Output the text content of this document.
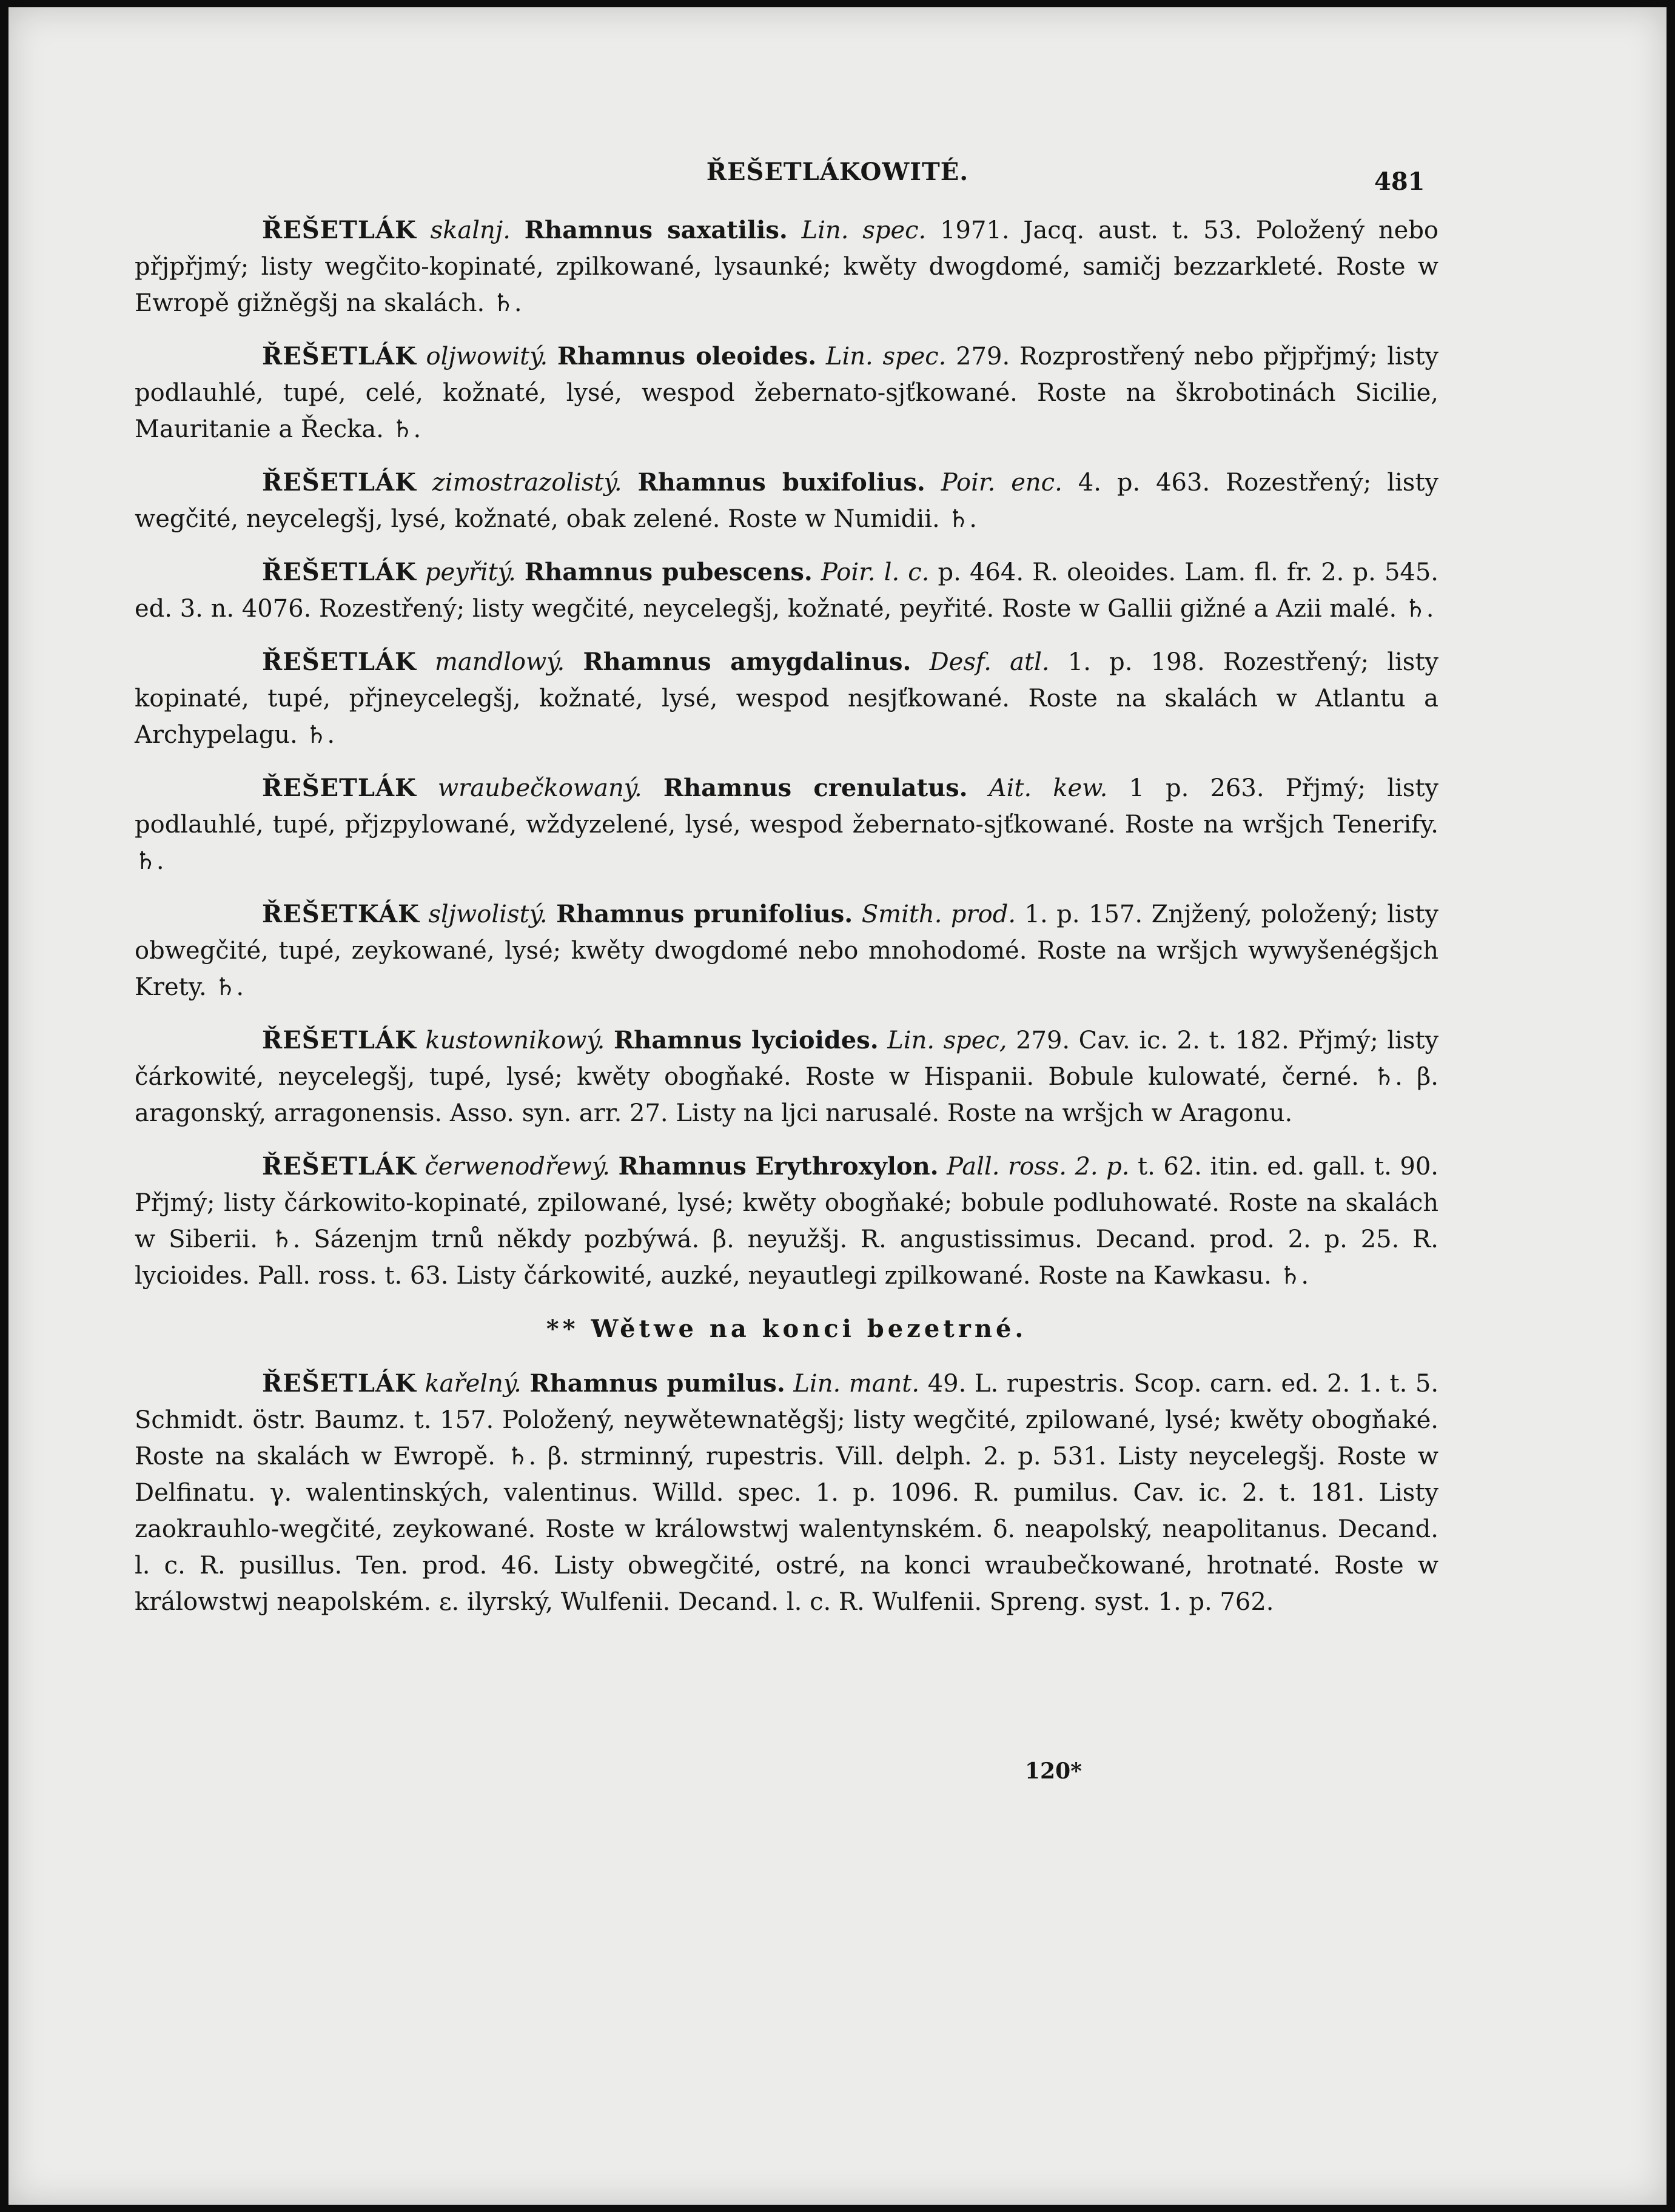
ŘEŠETLÁKOWITÉ.	481

ŘEŠETLÁK skalnj. Rhamnus saxatilis. Lin. spec. 1971. Jacq. aust. t. 53. Položený nebo přjpřjmý; listy wegčito-kopinaté, zpilkowané, lysaunké; kwěty dwogdomé, samičj bezzarkleté. Roste w Ewropě gižněgšj na skalách. ♄.

ŘEŠETLÁK oljwowitý. Rhamnus oleoides. Lin. spec. 279. Rozprostřený nebo přjpřjmý; listy podlauhlé, tupé, celé, kožnaté, lysé, wespod žebernato-sjťkowané. Roste na škrobotinách Sicilie, Mauritanie a Řecka. ♄.

ŘEŠETLÁK zimostrazolistý. Rhamnus buxifolius. Poir. enc. 4. p. 463. Rozestřený; listy wegčité, neycelegšj, lysé, kožnaté, obak zelené. Roste w Numidii. ♄.

ŘEŠETLÁK peyřitý. Rhamnus pubescens. Poir. l. c. p. 464. R. oleoides. Lam. fl. fr. 2. p. 545. ed. 3. n. 4076. Rozestřený; listy wegčité, neycelegšj, kožnaté, peyřité. Roste w Gallii gižné a Azii malé. ♄.

ŘEŠETLÁK mandlowý. Rhamnus amygdalinus. Desf. atl. 1. p. 198. Rozestřený; listy kopinaté, tupé, přjneycelegšj, kožnaté, lysé, wespod nesjťkowané. Roste na skalách w Atlantu a Archypelagu. ♄.

ŘEŠETLÁK wraubečkowaný. Rhamnus crenulatus. Ait. kew. 1 p. 263. Přjmý; listy podlauhlé, tupé, přjzpylowané, wždyzelené, lysé, wespod žebernato-sjťkowané. Roste na wršjch Tenerify. ♄.

ŘEŠETKÁK sljwolistý. Rhamnus prunifolius. Smith. prod. 1. p. 157. Znjžený, položený; listy obwegčité, tupé, zeykowané, lysé; kwěty dwogdomé nebo mnohodomé. Roste na wršjch wywyšenégšjch Krety. ♄.

ŘEŠETLÁK kustownikowý. Rhamnus lycioides. Lin. spec, 279. Cav. ic. 2. t. 182. Přjmý; listy čárkowité, neycelegšj, tupé, lysé; kwěty obogňaké. Roste w Hispanii. Bobule kulowaté, černé. ♄. β. aragonský, arragonensis. Asso. syn. arr. 27. Listy na ljci narusalé. Roste na wršjch w Aragonu.

ŘEŠETLÁK čerwenodřewý. Rhamnus Erythroxylon. Pall. ross. 2. p. t. 62. itin. ed. gall. t. 90. Přjmý; listy čárkowito-kopinaté, zpilowané, lysé; kwěty obogňaké; bobule podluhowaté. Roste na skalách w Siberii. ♄. Sázenjm trnů někdy pozbýwá. β. neyužšj. R. angustissimus. Decand. prod. 2. p. 25. R. lycioides. Pall. ross. t. 63. Listy čárkowité, auzké, neyautlegi zpilkowané. Roste na Kawkasu. ♄.

** Wětwe na konci bezetrné.

ŘEŠETLÁK kařelný. Rhamnus pumilus. Lin. mant. 49. L. rupestris. Scop. carn. ed. 2. 1. t. 5. Schmidt. östr. Baumz. t. 157. Položený, neywětewnatěgšj; listy wegčité, zpilowané, lysé; kwěty obogňaké. Roste na skalách w Ewropě. ♄. β. strminný, rupestris. Vill. delph. 2. p. 531. Listy neycelegšj. Roste w Delfinatu. γ. walentinských, valentinus. Willd. spec. 1. p. 1096. R. pumilus. Cav. ic. 2. t. 181. Listy zaokrauhlo-wegčité, zeykowané. Roste w králowstwj walentynském. δ. neapolský, neapolitanus. Decand. l. c. R. pusillus. Ten. prod. 46. Listy obwegčité, ostré, na konci wraubečkowané, hrotnaté. Roste w králowstwj neapolském. ε. ilyrský, Wulfenii. Decand. l. c. R. Wulfenii. Spreng. syst. 1. p. 762.

120*
